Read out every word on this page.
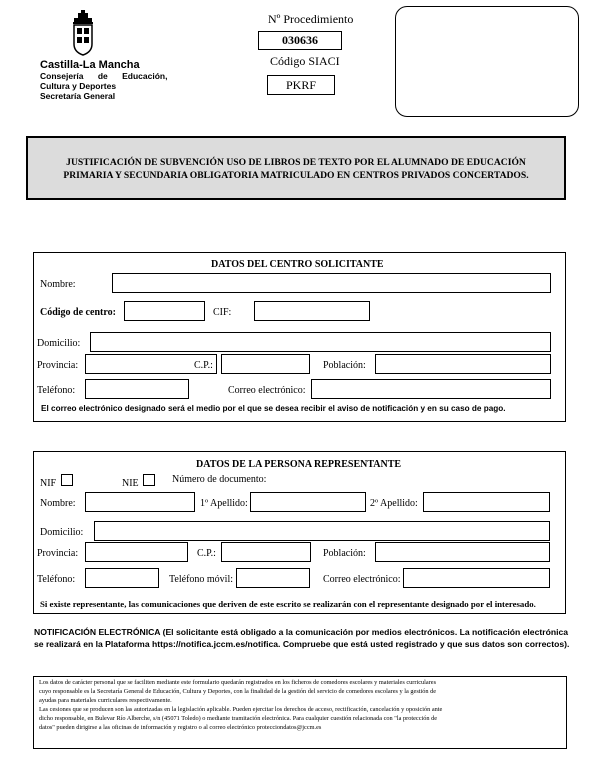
Castilla-La Mancha
Consejería de Educación,
Cultura y Deportes
Secretaría General
Nº Procedimiento
030636
Código SIACI
PKRF
JUSTIFICACIÓN DE SUBVENCIÓN USO DE LIBROS DE TEXTO POR EL ALUMNADO DE EDUCACIÓN
PRIMARIA Y SECUNDARIA OBLIGATORIA MATRICULADO EN CENTROS PRIVADOS CONCERTADOS.
DATOS DEL CENTRO SOLICITANTE
Nombre:
Código de centro:	CIF:
Domicilio:
Provincia:	C.P.:	Población:
Teléfono:	Correo electrónico:
El correo electrónico designado será el medio por el que se desea recibir el aviso de notificación y en su caso de pago.
DATOS DE LA PERSONA REPRESENTANTE
NIF	NIE	Número de documento:
Nombre:	1º Apellido:	2º Apellido:
Domicilio:
Provincia:	C.P.:	Población:
Teléfono:	Teléfono móvil:	Correo electrónico:
Si existe representante, las comunicaciones que deriven de este escrito se realizarán con el representante designado por el interesado.
NOTIFICACIÓN ELECTRÓNICA (El solicitante está obligado a la comunicación por medios electrónicos. La notificación electrónica
se realizará en la Plataforma https://notifica.jccm.es/notifica. Compruebe que está usted registrado y que sus datos son correctos).
Los datos de carácter personal que se faciliten mediante este formulario quedarán registrados en los ficheros de comedores escolares y materiales curriculares
cuyo responsable es la Secretaría General de Educación, Cultura y Deportes, con la finalidad de la gestión del servicio de comedores escolares y la gestión de
ayudas para materiales curriculares respectivamente.
Las cesiones que se producen son las autorizadas en la legislación aplicable. Pueden ejercitar los derechos de acceso, rectificación, cancelación y oposición ante
dicho responsable, en Bulevar Río Alberche, s/n (45071 Toledo) o mediante tramitación electrónica. Para cualquier cuestión relacionada con "la protección de
datos" pueden dirigirse a las oficinas de información y registro o al correo electrónico protecciondatos@jccm.es
